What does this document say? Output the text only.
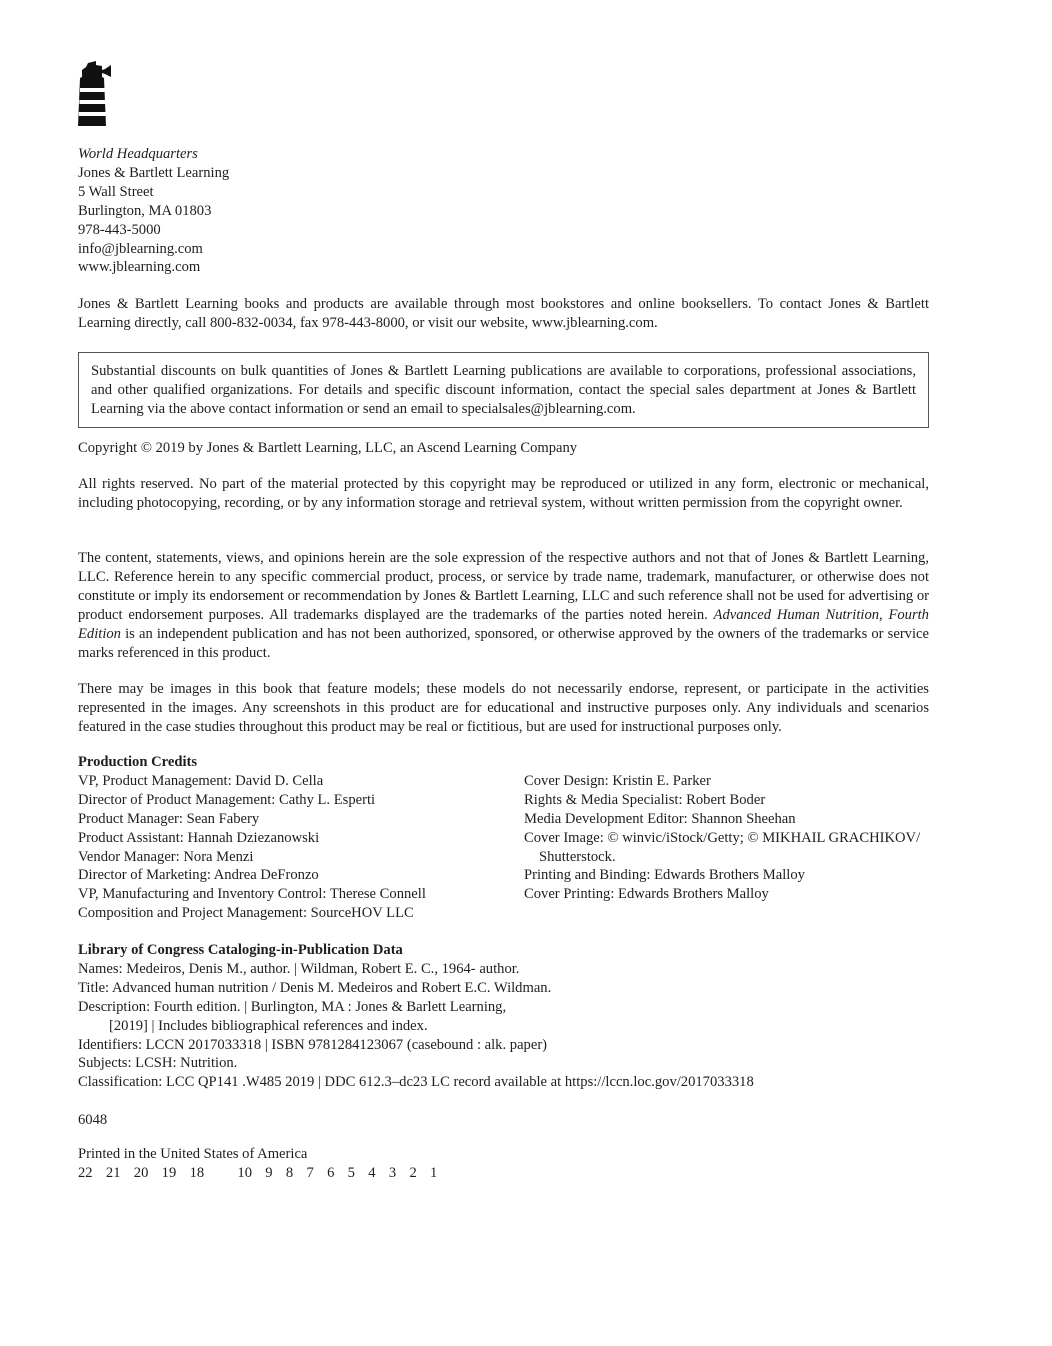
World Headquarters
Jones & Bartlett Learning
5 Wall Street
Burlington, MA 01803
978-443-5000
info@jblearning.com
www.jblearning.com
Jones & Bartlett Learning books and products are available through most bookstores and online booksellers. To contact Jones & Bartlett Learning directly, call 800-832-0034, fax 978-443-8000, or visit our website, www.jblearning.com.

Substantial discounts on bulk quantities of Jones & Bartlett Learning publications are available to corporations, professional associations, and other qualified organizations. For details and specific discount information, contact the special sales department at Jones & Bartlett Learning via the above contact information or send an email to specialsales@jblearning.com.

Copyright © 2019 by Jones & Bartlett Learning, LLC, an Ascend Learning Company
All rights reserved. No part of the material protected by this copyright may be reproduced or utilized in any form, electronic or mechanical, including photocopying, recording, or by any information storage and retrieval system, without written permission from the copyright owner.
The content, statements, views, and opinions herein are the sole expression of the respective authors and not that of Jones & Bartlett Learning, LLC. Reference herein to any specific commercial product, process, or service by trade name, trademark, manufacturer, or otherwise does not constitute or imply its endorsement or recommendation by Jones & Bartlett Learning, LLC and such reference shall not be used for advertising or product endorsement purposes. All trademarks displayed are the trademarks of the parties noted herein. Advanced Human Nutrition, Fourth Edition is an independent publication and has not been authorized, sponsored, or otherwise approved by the owners of the trademarks or service marks referenced in this product.
There may be images in this book that feature models; these models do not necessarily endorse, represent, or participate in the activities represented in the images. Any screenshots in this product are for educational and instructive purposes only. Any individuals and scenarios featured in the case studies throughout this product may be real or fictitious, but are used for instructional purposes only.
Production Credits
VP, Product Management: David D. Cella
Director of Product Management: Cathy L. Esperti
Product Manager: Sean Fabery
Product Assistant: Hannah Dziezanowski
Vendor Manager: Nora Menzi
Director of Marketing: Andrea DeFronzo
VP, Manufacturing and Inventory Control: Therese Connell
Composition and Project Management: SourceHOV LLC
Cover Design: Kristin E. Parker
Rights & Media Specialist: Robert Boder
Media Development Editor: Shannon Sheehan
Cover Image: © winvic/iStock/Getty; © MIKHAIL GRACHIKOV/
Shutterstock.
Printing and Binding: Edwards Brothers Malloy
Cover Printing: Edwards Brothers Malloy
Library of Congress Cataloging-in-Publication Data
Names: Medeiros, Denis M., author. | Wildman, Robert E. C., 1964- author.
Title: Advanced human nutrition / Denis M. Medeiros and Robert E.C. Wildman.
Description: Fourth edition. | Burlington, MA : Jones & Barlett Learning,
[2019] | Includes bibliographical references and index.
Identifiers: LCCN 2017033318 | ISBN 9781284123067 (casebound : alk. paper)
Subjects: LCSH: Nutrition.
Classification: LCC QP141 .W485 2019 | DDC 612.3–dc23 LC record available at https://lccn.loc.gov/2017033318
6048
Printed in the United States of America
22  21  20  19  18     10  9  8  7  6  5  4  3  2  1
